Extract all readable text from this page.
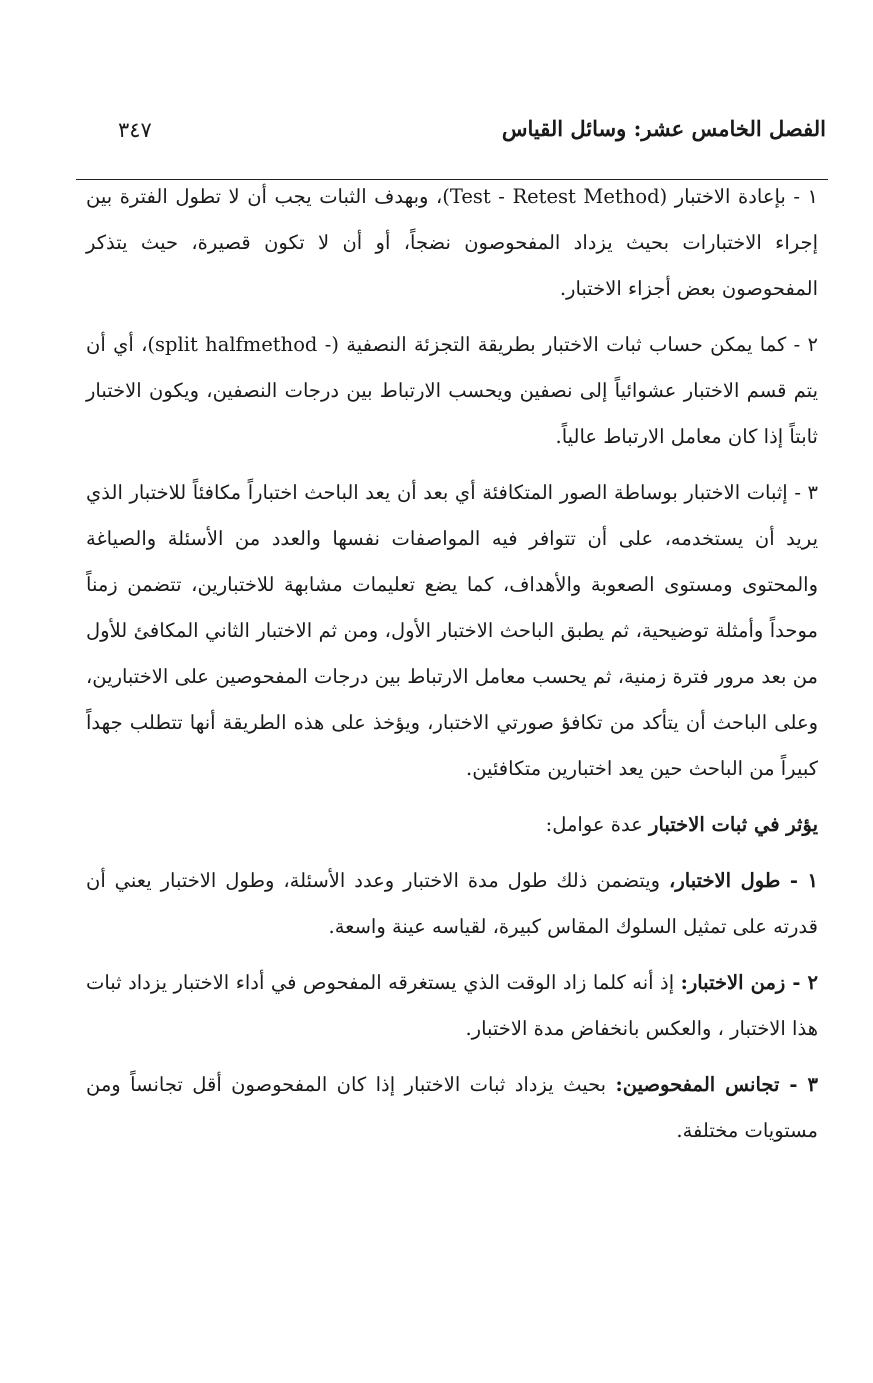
الفصل الخامس عشر: وسائل القياس
٣٤٧

١ - بإعادة الاختبار (Test - Retest Method)، وبهدف الثبات يجب أن لا تطول الفترة بين إجراء الاختبارات بحيث يزداد المفحوصون نضجاً، أو أن لا تكون قصيرة، حيث يتذكر المفحوصون بعض أجزاء الاختبار.

٢ - كما يمكن حساب ثبات الاختبار بطريقة التجزئة النصفية (- split halfmethod)، أي أن يتم قسم الاختبار عشوائياً إلى نصفين ويحسب الارتباط بين درجات النصفين، ويكون الاختبار ثابتاً إذا كان معامل الارتباط عالياً.

٣ - إثبات الاختبار بوساطة الصور المتكافئة أي بعد أن يعد الباحث اختباراً مكافئاً للاختبار الذي يريد أن يستخدمه، على أن تتوافر فيه المواصفات نفسها والعدد من الأسئلة والصياغة والمحتوى ومستوى الصعوبة والأهداف، كما يضع تعليمات مشابهة للاختبارين، تتضمن زمناً موحداً وأمثلة توضيحية، ثم يطبق الباحث الاختبار الأول، ومن ثم الاختبار الثاني المكافئ للأول من بعد مرور فترة زمنية، ثم يحسب معامل الارتباط بين درجات المفحوصين على الاختبارين، وعلى الباحث أن يتأكد من تكافؤ صورتي الاختبار، ويؤخذ على هذه الطريقة أنها تتطلب جهداً كبيراً من الباحث حين يعد اختبارين متكافئين.

يؤثر في ثبات الاختبار عدة عوامل:

١ - طول الاختبار، ويتضمن ذلك طول مدة الاختبار وعدد الأسئلة، وطول الاختبار يعني أن قدرته على تمثيل السلوك المقاس كبيرة، لقياسه عينة واسعة.

٢ - زمن الاختبار: إذ أنه كلما زاد الوقت الذي يستغرقه المفحوص في أداء الاختبار يزداد ثبات هذا الاختبار ، والعكس بانخفاض مدة الاختبار.

٣ - تجانس المفحوصين: بحيث يزداد ثبات الاختبار إذا كان المفحوصون أقل تجانساً ومن مستويات مختلفة.
